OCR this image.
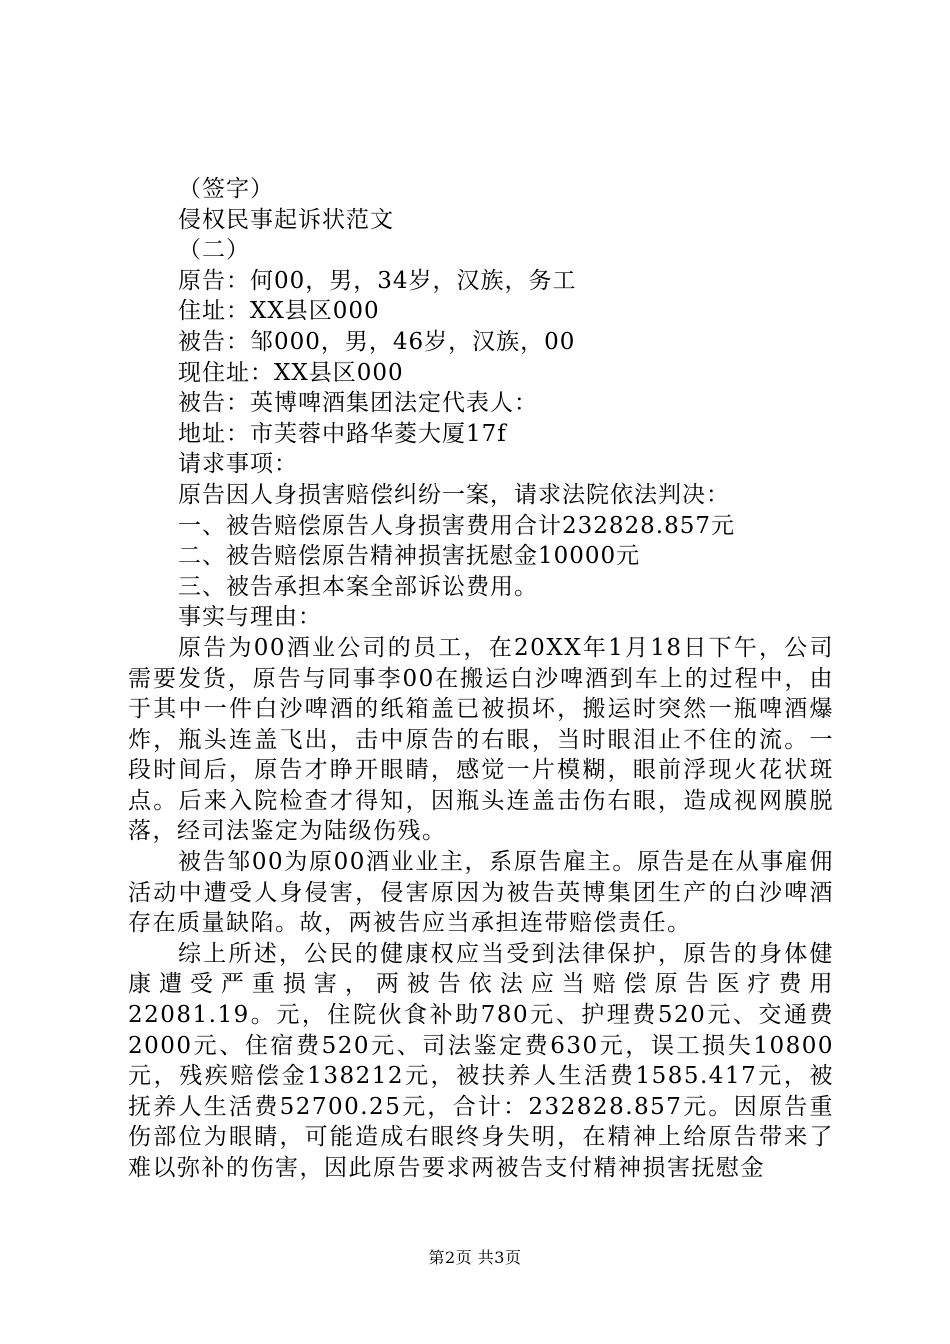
（签字）
侵权民事起诉状范文
（二）
原告：何00，男，34岁，汉族，务工
住址：XX县区000
被告：邹000，男，46岁，汉族，00
现住址：XX县区000
被告：英博啤酒集团法定代表人：
地址：市芙蓉中路华菱大厦17f
请求事项：
原告因人身损害赔偿纠纷一案，请求法院依法判决：
一、被告赔偿原告人身损害费用合计232828.857元
二、被告赔偿原告精神损害抚慰金10000元
三、被告承担本案全部诉讼费用。
事实与理由：

原告为00酒业公司的员工，在20XX年1月18日下午，公司需要发货，原告与同事李00在搬运白沙啤酒到车上的过程中，由于其中一件白沙啤酒的纸箱盖已被损坏，搬运时突然一瓶啤酒爆炸，瓶头连盖飞出，击中原告的右眼，当时眼泪止不住的流。一段时间后，原告才睁开眼睛，感觉一片模糊，眼前浮现火花状斑点。后来入院检查才得知，因瓶头连盖击伤右眼，造成视网膜脱落，经司法鉴定为陆级伤残。

被告邹00为原00酒业业主，系原告雇主。原告是在从事雇佣活动中遭受人身侵害，侵害原因为被告英博集团生产的白沙啤酒存在质量缺陷。故，两被告应当承担连带赔偿责任。

综上所述，公民的健康权应当受到法律保护，原告的身体健康遭受严重损害，两被告依法应当赔偿原告医疗费用22081.19。元，住院伙食补助780元、护理费520元、交通费2000元、住宿费520元、司法鉴定费630元，误工损失10800元，残疾赔偿金138212元，被扶养人生活费1585.417元，被抚养人生活费52700.25元，合计：232828.857元。因原告重伤部位为眼睛，可能造成右眼终身失明，在精神上给原告带来了难以弥补的伤害，因此原告要求两被告支付精神损害抚慰金

第2页 共3页
